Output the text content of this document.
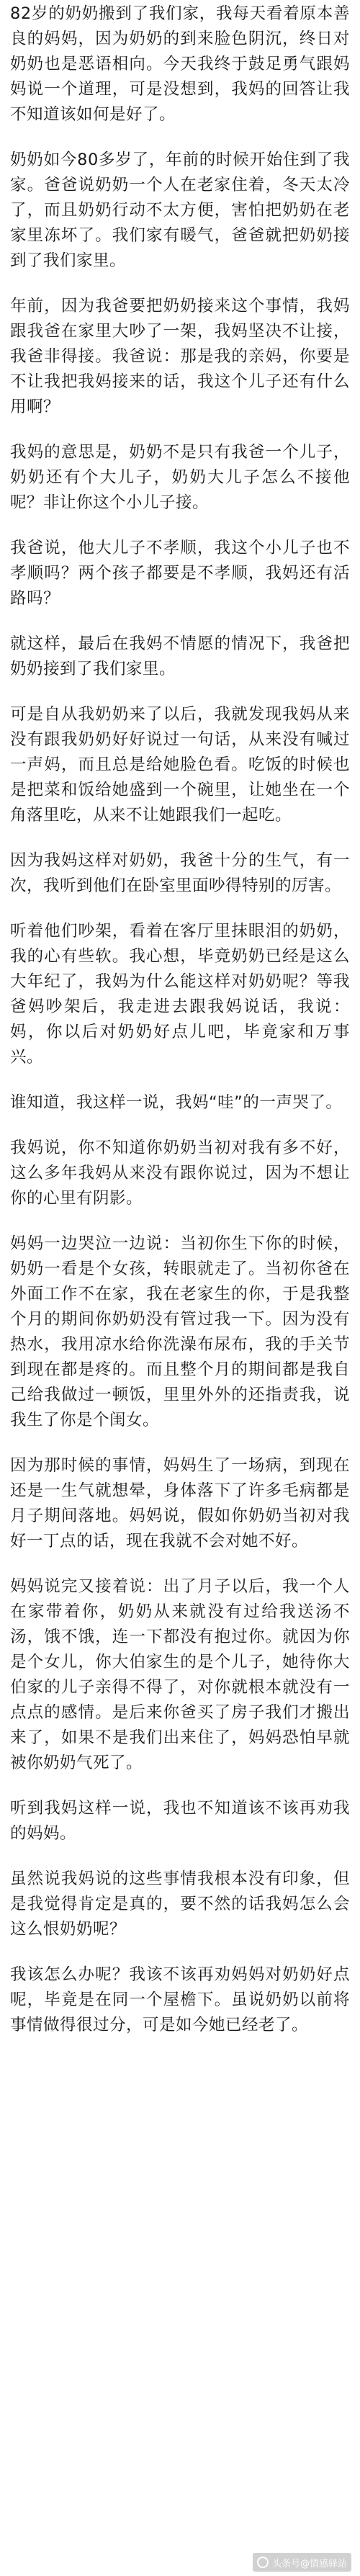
82岁的奶奶搬到了我们家，我每天看着原本善良的妈妈，因为奶奶的到来脸色阴沉，终日对奶奶也是恶语相向。今天我终于鼓足勇气跟妈妈说一个道理，可是没想到，我妈的回答让我不知道该如何是好了。

奶奶如今80多岁了，年前的时候开始住到了我家。爸爸说奶奶一个人在老家住着，冬天太冷了，而且奶奶行动不太方便，害怕把奶奶在老家里冻坏了。我们家有暖气，爸爸就把奶奶接到了我们家里。

年前，因为我爸要把奶奶接来这个事情，我妈跟我爸在家里大吵了一架，我妈坚决不让接，我爸非得接。我爸说：那是我的亲妈，你要是不让我把我妈接来的话，我这个儿子还有什么用啊？

我妈的意思是，奶奶不是只有我爸一个儿子，奶奶还有个大儿子，奶奶大儿子怎么不接他呢？非让你这个小儿子接。

我爸说，他大儿子不孝顺，我这个小儿子也不孝顺吗？两个孩子都要是不孝顺，我妈还有活路吗？

就这样，最后在我妈不情愿的情况下，我爸把奶奶接到了我们家里。

可是自从我奶奶来了以后，我就发现我妈从来没有跟我奶奶好好说过一句话，从来没有喊过一声妈，而且总是给她脸色看。吃饭的时候也是把菜和饭给她盛到一个碗里，让她坐在一个角落里吃，从来不让她跟我们一起吃。

因为我妈这样对奶奶，我爸十分的生气，有一次，我听到他们在卧室里面吵得特别的厉害。

听着他们吵架，看着在客厅里抹眼泪的奶奶，我的心有些软。我心想，毕竟奶奶已经是这么大年纪了，我妈为什么能这样对奶奶呢？等我爸妈吵架后，我走进去跟我妈说话，我说：妈，你以后对奶奶好点儿吧，毕竟家和万事兴。

谁知道，我这样一说，我妈“哇”的一声哭了。

我妈说，你不知道你奶奶当初对我有多不好，这么多年我妈从来没有跟你说过，因为不想让你的心里有阴影。

妈妈一边哭泣一边说：当初你生下你的时候，奶奶一看是个女孩，转眼就走了。当初你爸在外面工作不在家，我在老家生的你，于是我整个月的期间你奶奶没有管过我一下。因为没有热水，我用凉水给你洗澡布尿布，我的手关节到现在都是疼的。而且整个月的期间都是我自己给我做过一顿饭，里里外外的还指责我，说我生了你是个闺女。

因为那时候的事情，妈妈生了一场病，到现在还是一生气就想晕，身体落下了许多毛病都是月子期间落地。妈妈说，假如你奶奶当初对我好一丁点的话，现在我就不会对她不好。

妈妈说完又接着说：出了月子以后，我一个人在家带着你，奶奶从来就没有过给我送汤不汤，饿不饿，连一下都没有抱过你。就因为你是个女儿，你大伯家生的是个儿子，她待你大伯家的儿子亲得不得了，对你就根本就没有一点点的感情。是后来你爸买了房子我们才搬出来了，如果不是我们出来住了，妈妈恐怕早就被你奶奶气死了。

听到我妈这样一说，我也不知道该不该再劝我的妈妈。

虽然说我妈说的这些事情我根本没有印象，但是我觉得肯定是真的，要不然的话我妈怎么会这么恨奶奶呢？

我该怎么办呢？我该不该再劝妈妈对奶奶好点呢，毕竟是在同一个屋檐下。虽说奶奶以前将事情做得很过分，可是如今她已经老了。

头条号@情感驿站
